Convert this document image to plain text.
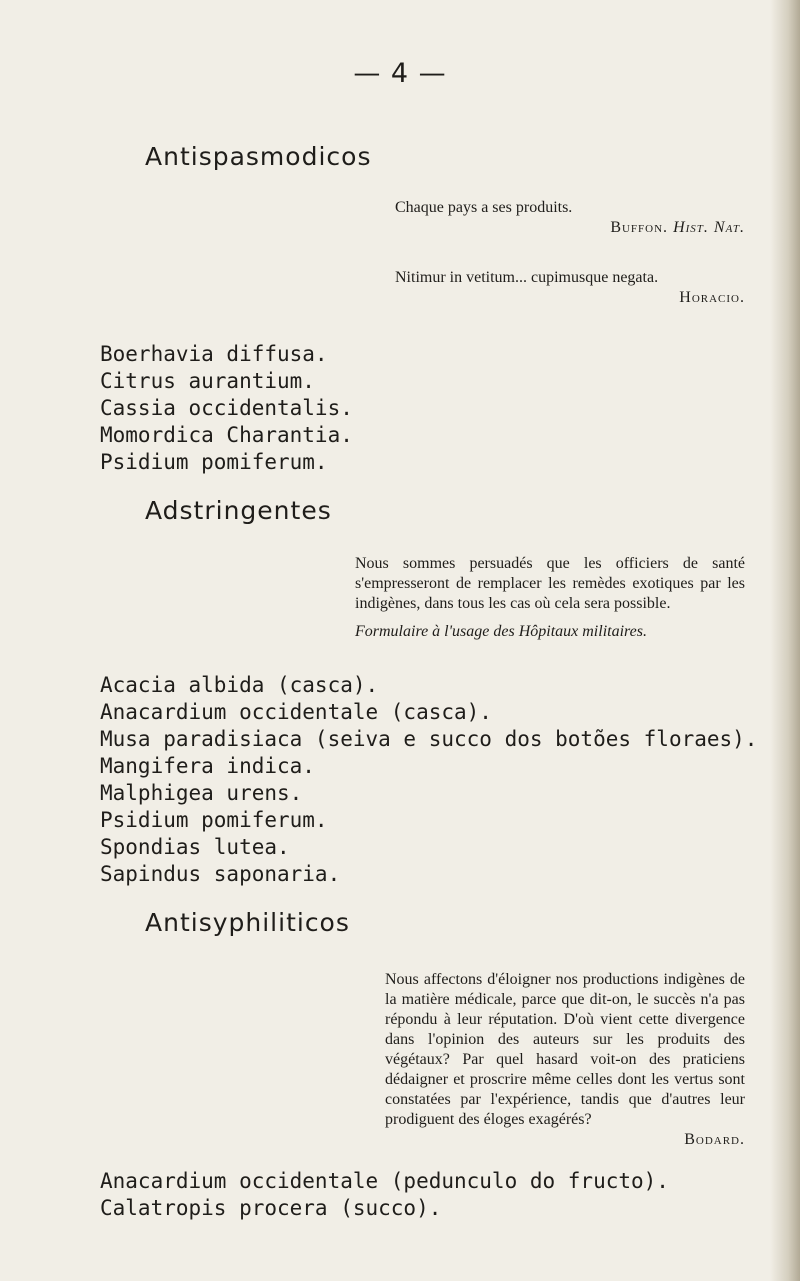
— 4 —
Antispasmodicos

Chaque pays a ses produits.

Buffon. Hist. Nat.

Nitimur in vetitum... cupimusque negata.

Horacio.

Boerhavia diffusa.
Citrus aurantium.
Cassia occidentalis.
Momordica Charantia.
Psidium pomiferum.
Adstringentes

Nous sommes persuadés que les officiers de santé s'empresseront de remplacer les remèdes exotiques par les indigènes, dans tous les cas où cela sera possible.

Formulaire à l'usage des Hôpitaux militaires.

Acacia albida (casca).
Anacardium occidentale (casca).
Musa paradisiaca (seiva e succo dos botões floraes).
Mangifera indica.
Malphigea urens.
Psidium pomiferum.
Spondias lutea.
Sapindus saponaria.
Antisyphiliticos

Nous affectons d'éloigner nos productions indigènes de la matière médicale, parce que dit-on, le succès n'a pas répondu à leur réputation. D'où vient cette divergence dans l'opinion des auteurs sur les produits des végétaux? Par quel hasard voit-on des praticiens dédaigner et proscrire même celles dont les vertus sont constatées par l'expérience, tandis que d'autres leur prodiguent des éloges exagérés?

Bodard.

Anacardium occidentale (pedunculo do fructo).
Calatropis procera (succo).
